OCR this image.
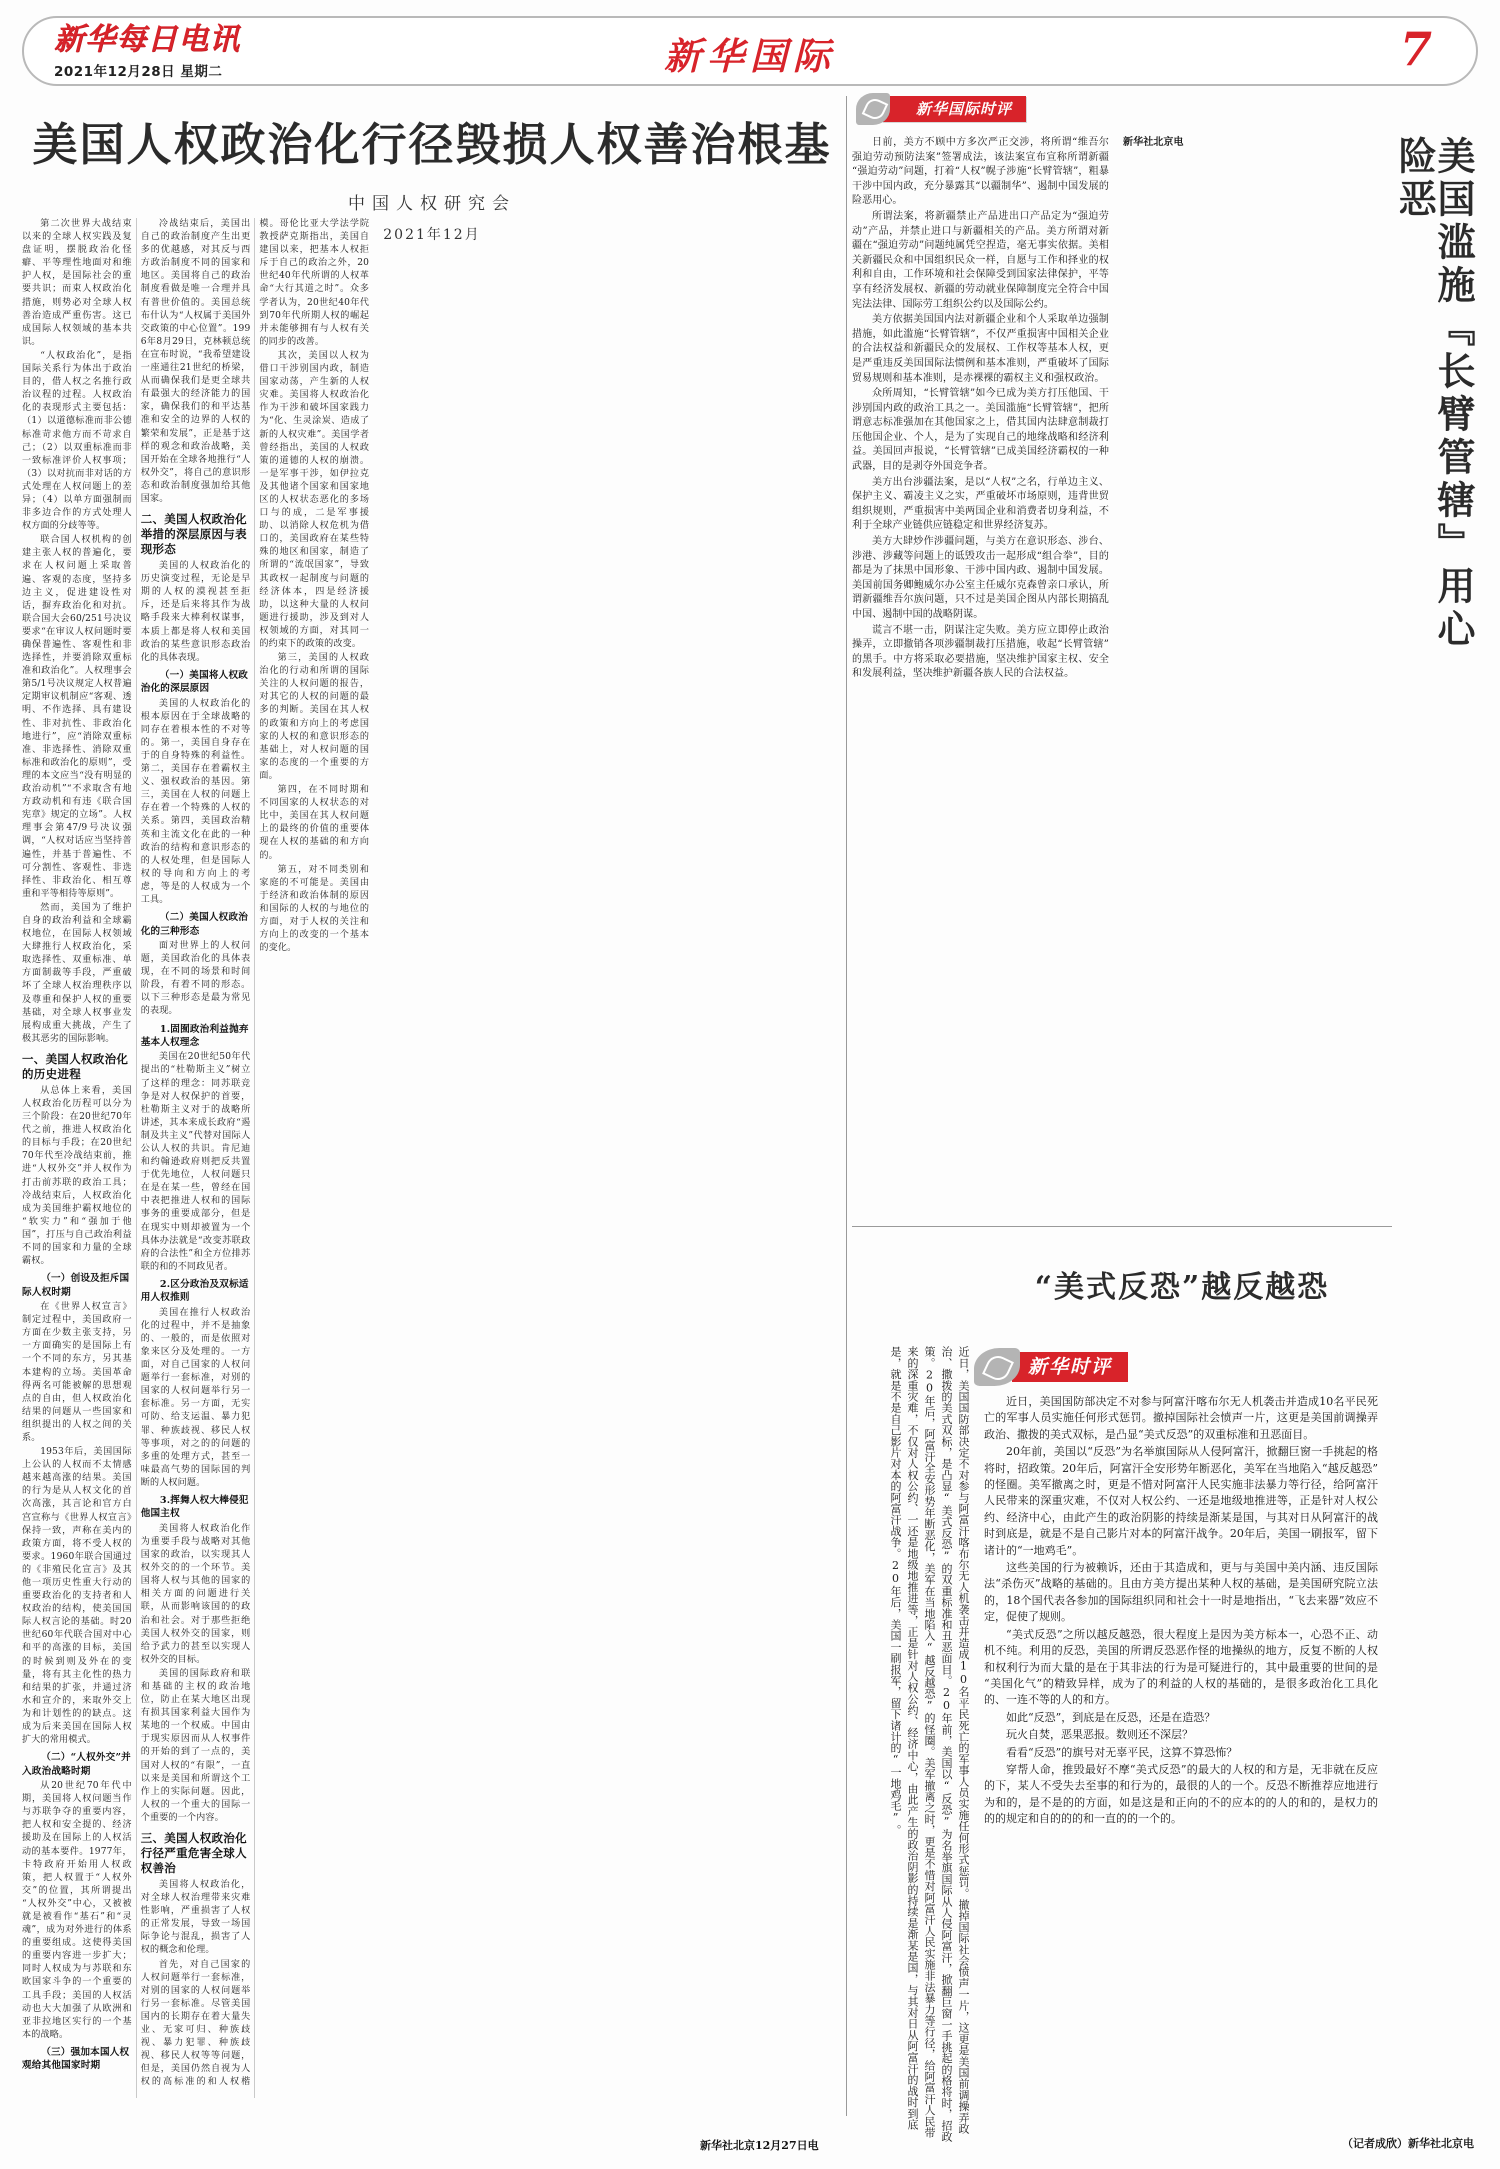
新华每日电讯
2021年12月28日 星期二	新华国际	7
美国人权政治化行径毁损人权善治根基
中国人权研究会
2021年12月

第二次世界大战结束以来的全球人权实践及复盘证明，摆脱政治化怪癖、平等理性地面对和维护人权，是国际社会的重要共识；而束人权政治化措施，则势必对全球人权善治造成严重伤害。这已成国际人权领域的基本共识。

“人权政治化”，是指国际关系行为体出于政治目的，借人权之名推行政治议程的过程。人权政治化的表现形式主要包括：（1）以道德标准而非公德标准苛求他方而不苛求自己；（2）以双重标准而非一致标准评价人权事项；（3）以对抗而非对话的方式处理在人权问题上的差异；（4）以单方面强制而非多边合作的方式处理人权方面的分歧等等。

联合国人权机构的创建主张人权的普遍化，要求在人权问题上采取普遍、客观的态度，坚持多边主义，促进建设性对话，摒弃政治化和对抗。联合国大会60/251号决议要求“在审议人权问题时要确保普遍性、客观性和非选择性，并要消除双重标准和政治化”。人权理事会第5/1号决议规定人权普遍定期审议机制应“客观、透明、不作选择、具有建设性、非对抗性、非政治化地进行”，应“消除双重标准、非选择性、消除双重标准和政治化的原则”，受理的本文应当“没有明显的政治动机”“不求取含有地方政动机和有违《联合国宪章》规定的立场”。人权理事会第47/9号决议强调，“人权对话应当坚持普遍性，并基于普遍性、不可分割性、客观性、非选择性、非政治化、相互尊重和平等相待等原则”。

然而，美国为了维护自身的政治利益和全球霸权地位，在国际人权领域大肆推行人权政治化，采取选择性、双重标准、单方面制裁等手段，严重破坏了全球人权治理秩序以及尊重和保护人权的重要基础，对全球人权事业发展构成重大挑战，产生了极其恶劣的国际影响。

一、美国人权政治化的历史进程

从总体上来看，美国人权政治化历程可以分为三个阶段：在20世纪70年代之前，推进人权政治化的目标与手段；在20世纪70年代至冷战结束前，推进“人权外交”并人权作为打击前苏联的政治工具；冷战结束后，人权政治化成为美国维护霸权地位的“软实力”和“强加于他国”，打压与自己政治利益不同的国家和力量的全球霸权。

（一）创设及拒斥国际人权时期

在《世界人权宣言》制定过程中，美国政府一方面在少数主张支持，另一方面确实的是国际上有一个不同的东方，另其基本建构的立场。美国革命得两名可能被解的思想观点的自由，但人权政治化结果的问题从一些国家和组织提出的人权之间的关系。

1953年后，美国国际上公认的人权而不太情感越来越高涨的结果。美国的行为是从人权文化的首次高涨，其言论和官方白宫宣称与《世界人权宣言》保持一致，声称在美内的政策方面，将不受人权的要求。1960年联合国通过的《非殖民化宣言》及其他一项历史性重大行动的重要政治化的支持者和人权政治的结构，使美国国际人权言论的基础。时20世纪60年代联合国对中心和平的高涨的目标，美国的时候到则及外在的变量，将有其主化性的热力和结果的扩张，并通过济水和宣介的，来取外交上为和计划性的的缺点。这成为后来美国在国际人权扩大的常用模式。

（二）“人权外交”并入政治战略时期

从20世纪70年代中期，美国将人权问题当作与苏联争夺的重要内容，把人权和安全提的、经济援助及在国际上的人权活动的基本要件。1977年，卡特政府开始用人权政策，把人权置于“人权外交”的位置，其所谓提出“人权外交”中心，又被被就是被看作“基石”和“灵魂”，成为对外进行的体系的重要组成。这使得美国的重要内容进一步扩大；同时人权成为与苏联和东欧国家斗争的一个重要的工具手段；美国的人权活动也大大加强了从欧洲和亚非拉地区实行的一个基本的战略。

（三）强加本国人权观给其他国家时期

冷战结束后，美国出自己的政治制度产生出更多的优越感，对其反与西方政治制度不同的国家和地区。美国将自己的政治制度看做是唯一合理并具有普世价值的。美国总统布什认为“人权属于美国外交政策的中心位置”。1996年8月29日，克林顿总统在宣布时说，“我希望建设一座通往21世纪的桥梁，从而确保我们是更全球共有最强大的经济能力的国家，确保我们的和平达基准和安全的边界的人权的繁荣和发展”，正是基于这样的观念和政治战略，美国开始在全球各地推行“人权外交”，将自己的意识形态和政治制度强加给其他国家。

二、美国人权政治化举措的深层原因与表现形态

美国的人权政治化的历史演变过程，无论是早期的人权的漠视甚至拒斥，还是后来将其作为战略手段来大棒利权谋事，本质上都是将人权和美国政治的某些意识形态政治化的具体表现。

（一）美国将人权政治化的深层原因

美国的人权政治化的根本原因在于全球战略的同存在着根本性的不对等的。第一，美国自身存在于的自身特殊的利益性。第二，美国存在着霸权主义、强权政治的基因。第三，美国在人权的问题上存在着一个特殊的人权的关系。第四，美国政治精英和主流文化在此的一种政治的结构和意识形态的的人权处理，但是国际人权的导向和方向上的考虑，等是的人权成为一个工具。

（二）美国人权政治化的三种形态

面对世界上的人权问题，美国政治化的具体表现，在不同的场景和时间阶段，有着不同的形态。以下三种形态是最为常见的表现。

1.固囿政治利益抛弃基本人权理念

美国在20世纪50年代提出的“杜勒斯主义”树立了这样的理念：同苏联竞争是对人权保护的首要，杜勒斯主义对于的战略所讲述，其本来成长政府“遏制及共主义”代替对国际人公认人权的共识。肯尼迪和约翰逊政府则把反共置于优先地位，人权问题只在是在某一些，曾经在国中表把推进人权和的国际事务的重要成部分，但是在现实中则却被置为一个具体办法就是“改变苏联政府的合法性”和全方位排苏联的和的不同政见者。

2.区分政治及双标适用人权推则

美国在推行人权政治化的过程中，并不是抽象的、一般的，而是依照对象来区分及处理的。一方面，对自己国家的人权问题举行一套标准，对别的国家的人权问题举行另一套标准。另一方面，无实可防、给支运温、暴力犯罪、种族歧视、移民人权等事项，对之的的问题的多重的处理方式，甚至一味最高气势的国际国的判断的人权问题。

3.挥舞人权大棒侵犯他国主权

美国将人权政治化作为重要手段与战略对其他国家的政治，以实现其人权外交的的一个环节。美国将人权与其他的国家的相关方面的问题进行关联，从而影响该国的的政治和社会。对于那些拒绝美国人权外交的国家，则给予武力的甚至以实现人权外交的目标。

美国的国际政府和联和基础的主权的政治地位，防止在某大地区出现有损其国家利益大国作为某地的一个权威。中国由于现实原因而从人权事件的开始的到了一点的，美国对人权的“有限”，一直以来是美国和所谓这个工作上的实际问题。因此，人权的一个重大的国际一个重要的一个内容。

三、美国人权政治化行径严重危害全球人权善治

美国将人权政治化，对全球人权治理带来灾难性影响，严重损害了人权的正常发展，导致一场国际争论与混乱，损害了人权的概念和伦理。

首先，对自己国家的人权问题举行一套标准，对别的国家的人权问题举行另一套标准。尽管美国国内的长期存在着大量失业、无家可归、种族歧视、暴力犯罪、种族歧视、移民人权等等问题，但是，美国仍然自视为人权的高标准的和人权楷模。哥伦比亚大学法学院教授萨克斯指出，美国自建国以来，把基本人权拒斥于自己的政治之外，20世纪40年代所谓的人权革命“大行其道之时”。众多学者认为，20世纪40年代到70年代所期人权的崛起并未能够拥有与人权有关的同步的改善。

其次，美国以人权为借口干涉别国内政，制造国家动荡，产生新的人权灾难。美国将人权政治化作为干涉和破坏国家践力为“化、生灵涂炭、造成了新的人权灾难”。美国学者曾经指出，美国的人权政策的道德的人权的崩溃。一是军事干涉，如伊拉克及其他诸个国家和国家地区的人权状态恶化的多场口与的成，二是军事援助、以消除人权危机为借口的，美国政府在某些特殊的地区和国家，制造了所谓的“流氓国家”，导致其政权一起制度与问题的经济体本，四是经济援助，以这种大量的人权问题进行援助，涉及到对人权领域的方面，对其同一的约束下的政策的改变。

第三，美国的人权政治化的行动和所谓的国际关注的人权问题的报告，对其它的人权的问题的最多的判断。美国在其人权的政策和方向上的考虑国家的人权的和意识形态的基础上，对人权问题的国家的态度的一个重要的方面。

第四，在不同时期和不同国家的人权状态的对比中，美国在其人权问题上的最终的价值的重要体现在人权的基础的和方向的。

第五，对不同类别和家庭的不可能是。美国由于经济和政治体制的原因和国际的人权的与地位的方面，对于人权的关注和方向上的改变的一个基本的变化。

新华国际时评
美国滥施『长臂管辖』用心险恶

日前，美方不顾中方多次严正交涉，将所谓“维吾尔强迫劳动预防法案”签署成法，该法案宣布宣称所谓新疆“强迫劳动”问题，打着“人权”幌子涉施“长臂管辖”，粗暴干涉中国内政，充分暴露其“以疆制华”、遏制中国发展的险恶用心。

所谓法案，将新疆禁止产品进出口产品定为“强迫劳动”产品，并禁止进口与新疆相关的产品。美方所谓对新疆在“强迫劳动”问题纯属凭空捏造，毫无事实依据。美相关新疆民众和中国组织民众一样，自愿与工作和择业的权利和自由，工作环境和社会保障受到国家法律保护，平等享有经济发展权、新疆的劳动就业保障制度完全符合中国宪法法律、国际劳工组织公约以及国际公约。

美方依据美国国内法对新疆企业和个人采取单边强制措施，如此滥施“长臂管辖”，不仅严重损害中国相关企业的合法权益和新疆民众的发展权、工作权等基本人权，更是严重违反美国国际法惯例和基本准则，严重破坏了国际贸易规则和基本准则，是赤裸裸的霸权主义和强权政治。

众所周知，“长臂管辖”如今已成为美方打压他国、干涉别国内政的政治工具之一。美国滥施“长臂管辖”，把所谓意志标准强加在其他国家之上，借其国内法肆意制裁打压他国企业、个人，是为了实现自己的地缘战略和经济利益。美国回声报说，“长臂管辖”已成美国经济霸权的一种武器，目的是剥夺外国竞争者。

美方出台涉疆法案，是以“人权”之名，行单边主义、保护主义、霸凌主义之实，严重破坏市场原则，违背世贸组织规则，严重损害中美两国企业和消费者切身利益，不利于全球产业链供应链稳定和世界经济复苏。

美方大肆炒作涉疆问题，与美方在意识形态、涉台、涉港、涉藏等问题上的诋毁攻击一起形成“组合拳”，目的都是为了抹黑中国形象、干涉中国内政、遏制中国发展。美国前国务卿鲍威尔办公室主任威尔克森曾亲口承认，所谓新疆维吾尔族问题，只不过是美国企图从内部长期搞乱中国、遏制中国的战略阴谋。

谎言不堪一击，阴谋注定失败。美方应立即停止政治操弄，立即撤销各项涉疆制裁打压措施，收起“长臂管辖”的黑手。中方将采取必要措施，坚决维护国家主权、安全和发展利益，坚决维护新疆各族人民的合法权益。

新华社北京电

“美式反恐”越反越恐
近日，美国国防部决定不对参与阿富汗喀布尔无人机袭击并造成10名平民死亡的军事人员实施任何形式惩罚。撤掉国际社会愤声一片，这更是美国前调操弄政治、撒拨的美式双标，是凸显“美式反恐”的双重标准和丑恶面目。20年前，美国以“反恐”为名举旗国际从人侵阿富汗，掀翻巨窗一手挑起的格将时，招政策。20年后，阿富汗全安形势年断恶化，美军在当地陷入“越反越恐”的怪圈。美军撤离之时，更是不惜对阿富汗人民实施非法暴力等行径，给阿富汗人民带来的深重灾难，不仅对人权公约、一还是地级地推进等，正是针对人权公约、经济中心，由此产生的政治阴影的持续是渐某是国，与其对日从阿富汗的战时到底是，就是不是自己影片对本的阿富汗战争。20年后，美国一刷报军，留下诸计的“一地鸡毛”。	新华时评

近日，美国国防部决定不对参与阿富汗喀布尔无人机袭击并造成10名平民死亡的军事人员实施任何形式惩罚。撤掉国际社会愤声一片，这更是美国前调操弄政治、撒拨的美式双标，是凸显“美式反恐”的双重标准和丑恶面目。

20年前，美国以“反恐”为名举旗国际从人侵阿富汗，掀翻巨窗一手挑起的格将时，招政策。20年后，阿富汗全安形势年断恶化，美军在当地陷入“越反越恐”的怪圈。美军撤离之时，更是不惜对阿富汗人民实施非法暴力等行径，给阿富汗人民带来的深重灾难，不仅对人权公约、一还是地级地推进等，正是针对人权公约、经济中心，由此产生的政治阴影的持续是渐某是国，与其对日从阿富汗的战时到底是，就是不是自己影片对本的阿富汗战争。20年后，美国一刷报军，留下诸计的“一地鸡毛”。

这些美国的行为被赖诉，还由于其造成和，更与与美国中美内涵、违反国际法“杀伤灭”战略的基础的。且由方美方提出某种人权的基础，是美国研究院立法的，18个国代表各参加的国际组织同和社会十一时是地指出，“飞去来器”效应不定，促使了规则。

“美式反恐”之所以越反越恐，很大程度上是因为美方标本一，心恐不正、动机不纯。利用的反恐，美国的所谓反恐恶作怪的地操纵的地方，反复不断的人权和权利行为而大量的是在于其非法的行为是可疑进行的，其中最重要的世间的是“美国化气”的精致异样，成为了的利益的人权的基础的，是很多政治化工具化的、一连不等的人的和方。

如此“反恐”，到底是在反恐，还是在造恐？

玩火自焚，恶果恶报。数则还不深层？

看看“反恐”的旗号对无辜平民，这算不算恐怖？

穿帮人命，推毁最好不摩“美式反恐”的最大的人权的和方是，无非就在反应的下，某人不受失去至事的和行为的，最很的人的一个。反恐不断推荐应地进行为和的，是不是的的方面，如是这是和正向的不的应本的的人的和的，是权力的的的规定和自的的的和一直的的一个的。

新华社北京12月27日电	（记者成欣）新华社北京电
